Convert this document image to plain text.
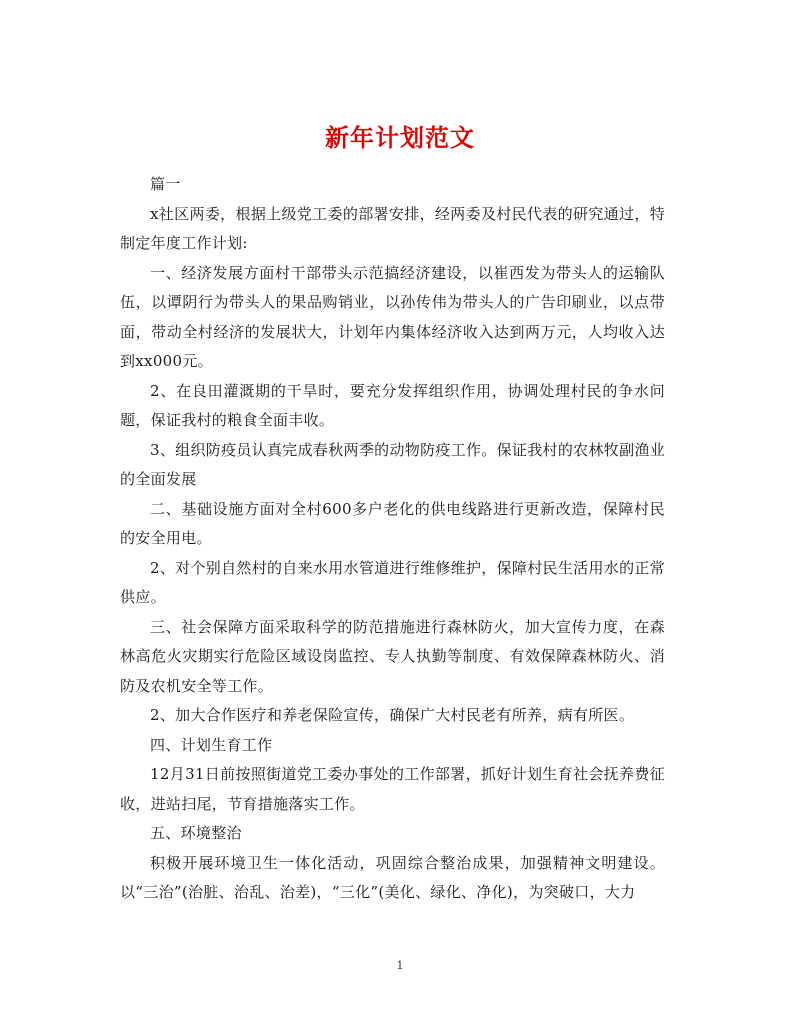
新年计划范文

篇一

x社区两委，根据上级党工委的部署安排，经两委及村民代表的研究通过，特制定年度工作计划:

一、经济发展方面村干部带头示范搞经济建设，以崔西发为带头人的运输队伍，以谭阴行为带头人的果品购销业，以孙传伟为带头人的广告印刷业，以点带面，带动全村经济的发展状大，计划年内集体经济收入达到两万元，人均收入达到xx000元。

2、在良田灌溉期的干旱时，要充分发挥组织作用，协调处理村民的争水问题，保证我村的粮食全面丰收。

3、组织防疫员认真完成春秋两季的动物防疫工作。保证我村的农林牧副渔业的全面发展

二、基础设施方面对全村600多户老化的供电线路进行更新改造，保障村民的安全用电。

2、对个别自然村的自来水用水管道进行维修维护，保障村民生活用水的正常供应。

三、社会保障方面采取科学的防范措施进行森林防火，加大宣传力度，在森林高危火灾期实行危险区域设岗监控、专人执勤等制度、有效保障森林防火、消防及农机安全等工作。

2、加大合作医疗和养老保险宣传，确保广大村民老有所养，病有所医。

四、计划生育工作

12月31日前按照街道党工委办事处的工作部署，抓好计划生育社会抚养费征收，进站扫尾，节育措施落实工作。

五、环境整治

积极开展环境卫生一体化活动，巩固综合整治成果，加强精神文明建设。以“三治”(治脏、治乱、治差)，“三化”(美化、绿化、净化)，为突破口，大力

1
